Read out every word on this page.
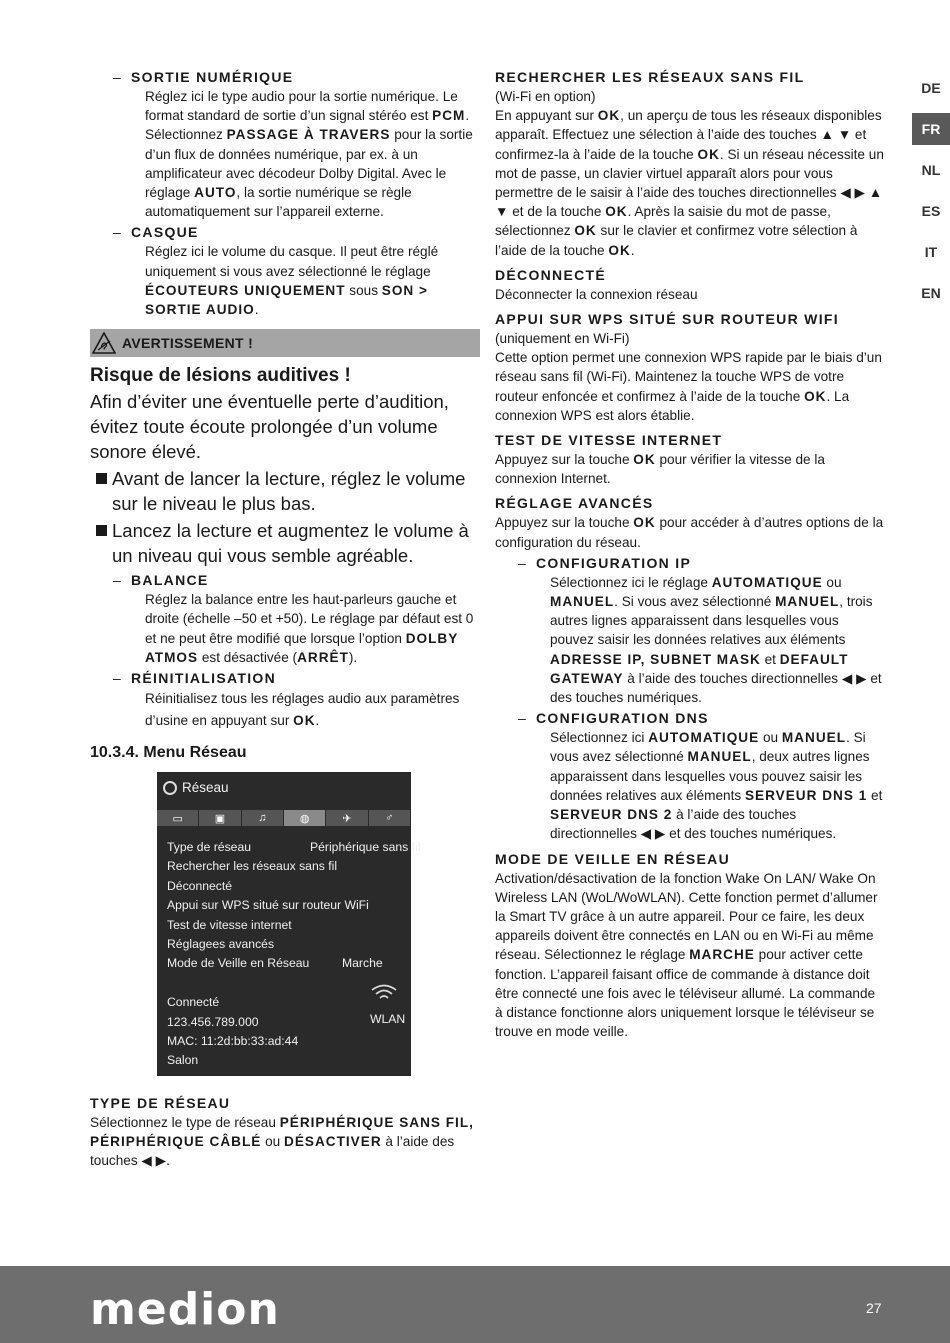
– SORTIE NUMÉRIQUE

Réglez ici le type audio pour la sortie numérique. Le format standard de sortie d’un signal stéréo est PCM. Sélectionnez PASSAGE À TRAVERS pour la sortie d’un flux de données numérique, par ex. à un amplificateur avec décodeur Dolby Digital. Avec le réglage AUTO, la sortie numérique se règle automatiquement sur l’appareil externe.

– CASQUE

Réglez ici le volume du casque. Il peut être réglé uniquement si vous avez sélectionné le réglage ÉCOUTEURS UNIQUEMENT sous SON > SORTIE AUDIO.

AVERTISSEMENT !
Risque de lésions auditives !

Afin d’éviter une éventuelle perte d’audition, évitez toute écoute prolongée d’un volume sonore élevé.

Avant de lancer la lecture, réglez le volume sur le niveau le plus bas.
Lancez la lecture et augmentez le volume à un niveau qui vous semble agréable.
– BALANCE

Réglez la balance entre les haut-parleurs gauche et droite (échelle –50 et +50). Le réglage par défaut est 0 et ne peut être modifié que lorsque l’option DOLBY ATMOS est désactivée (ARRÊT).

– RÉINITIALISATION

Réinitialisez tous les réglages audio aux paramètres d’usine en appuyant sur OK.

10.3.4. Menu Réseau
Réseau
▭	▣	♫	◍	✈	♂
Type de réseau	Périphérique sans fil
Rechercher les réseaux sans fil
Déconnecté
Appui sur WPS situé sur routeur WiFi
Test de vitesse internet
Réglagees avancés
Mode de Veille en Réseau	Marche
Connecté
123.456.789.000
MAC: 11:2d:bb:33:ad:44
Salon
WLAN
TYPE DE RÉSEAU

Sélectionnez le type de réseau PÉRIPHÉRIQUE SANS FIL, PÉRIPHÉRIQUE CÂBLÉ ou DÉSACTIVER à l’aide des touches ◀ ▶.

RECHERCHER LES RÉSEAUX SANS FIL

(Wi-Fi en option)

En appuyant sur OK, un aperçu de tous les réseaux disponibles apparaît. Effectuez une sélection à l’aide des touches ▲ ▼ et confirmez-la à l’aide de la touche OK. Si un réseau nécessite un mot de passe, un clavier virtuel apparaît alors pour vous permettre de le saisir à l’aide des touches directionnelles ◀ ▶ ▲ ▼ et de la touche OK. Après la saisie du mot de passe, sélectionnez OK sur le clavier et confirmez votre sélection à l’aide de la touche OK.

DÉCONNECTÉ

Déconnecter la connexion réseau

APPUI SUR WPS SITUÉ SUR ROUTEUR WIFI

(uniquement en Wi-Fi)

Cette option permet une connexion WPS rapide par le biais d’un réseau sans fil (Wi-Fi). Maintenez la touche WPS de votre routeur enfoncée et confirmez à l’aide de la touche OK. La connexion WPS est alors établie.

TEST DE VITESSE INTERNET

Appuyez sur la touche OK pour vérifier la vitesse de la connexion Internet.

RÉGLAGE AVANCÉS

Appuyez sur la touche OK pour accéder à d’autres options de la configuration du réseau.

– CONFIGURATION IP

Sélectionnez ici le réglage AUTOMATIQUE ou MANUEL. Si vous avez sélectionné MANUEL, trois autres lignes apparaissent dans lesquelles vous pouvez saisir les données relatives aux éléments ADRESSE IP, SUBNET MASK et DEFAULT GATEWAY à l’aide des touches directionnelles ◀ ▶ et des touches numériques.

– CONFIGURATION DNS

Sélectionnez ici AUTOMATIQUE ou MANUEL. Si vous avez sélectionné MANUEL, deux autres lignes apparaissent dans lesquelles vous pouvez saisir les données relatives aux éléments SERVEUR DNS 1 et SERVEUR DNS 2 à l’aide des touches directionnelles ◀ ▶ et des touches numériques.

MODE DE VEILLE EN RÉSEAU

Activation/désactivation de la fonction Wake On LAN/ Wake On Wireless LAN (WoL/WoWLAN). Cette fonction permet d’allumer la Smart TV grâce à un autre appareil. Pour ce faire, les deux appareils doivent être connectés en LAN ou en Wi-Fi au même réseau. Sélectionnez le réglage MARCHE pour activer cette fonction. L’appareil faisant office de commande à distance doit être connecté une fois avec le téléviseur allumé. La commande à distance fonctionne alors uniquement lorsque le téléviseur se trouve en mode veille.

DE
FR
NL
ES
IT
EN
medion	27
